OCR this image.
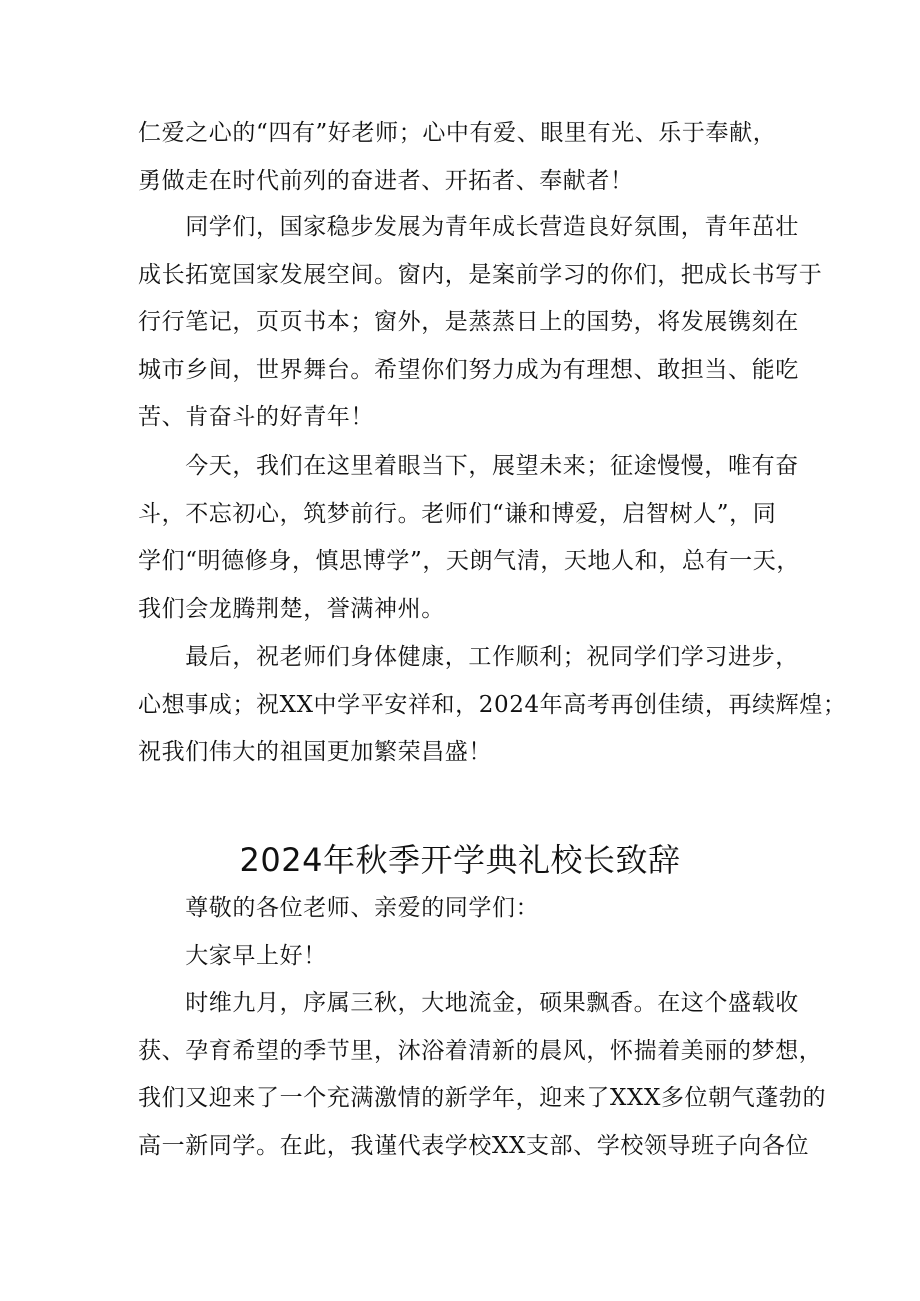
仁爱之心的“四有”好老师；心中有爱、眼里有光、乐于奉献，
勇做走在时代前列的奋进者、开拓者、奉献者！

　　同学们，国家稳步发展为青年成长营造良好氛围，青年茁壮
成长拓宽国家发展空间。窗内，是案前学习的你们，把成长书写于
行行笔记，页页书本；窗外，是蒸蒸日上的国势，将发展镌刻在
城市乡间，世界舞台。希望你们努力成为有理想、敢担当、能吃
苦、肯奋斗的好青年！

　　今天，我们在这里着眼当下，展望未来；征途慢慢，唯有奋
斗，不忘初心，筑梦前行。老师们“谦和博爱，启智树人”，同
学们“明德修身，慎思博学”，天朗气清，天地人和，总有一天，
我们会龙腾荆楚，誉满神州。

　　最后，祝老师们身体健康，工作顺利；祝同学们学习进步，
心想事成；祝XX中学平安祥和，2024年高考再创佳绩，再续辉煌；
祝我们伟大的祖国更加繁荣昌盛！

2024年秋季开学典礼校长致辞

　　尊敬的各位老师、亲爱的同学们：
　　大家早上好！

　　时维九月，序属三秋，大地流金，硕果飘香。在这个盛载收
获、孕育希望的季节里，沐浴着清新的晨风，怀揣着美丽的梦想，
我们又迎来了一个充满激情的新学年，迎来了XXX多位朝气蓬勃的
高一新同学。在此，我谨代表学校XX支部、学校领导班子向各位
